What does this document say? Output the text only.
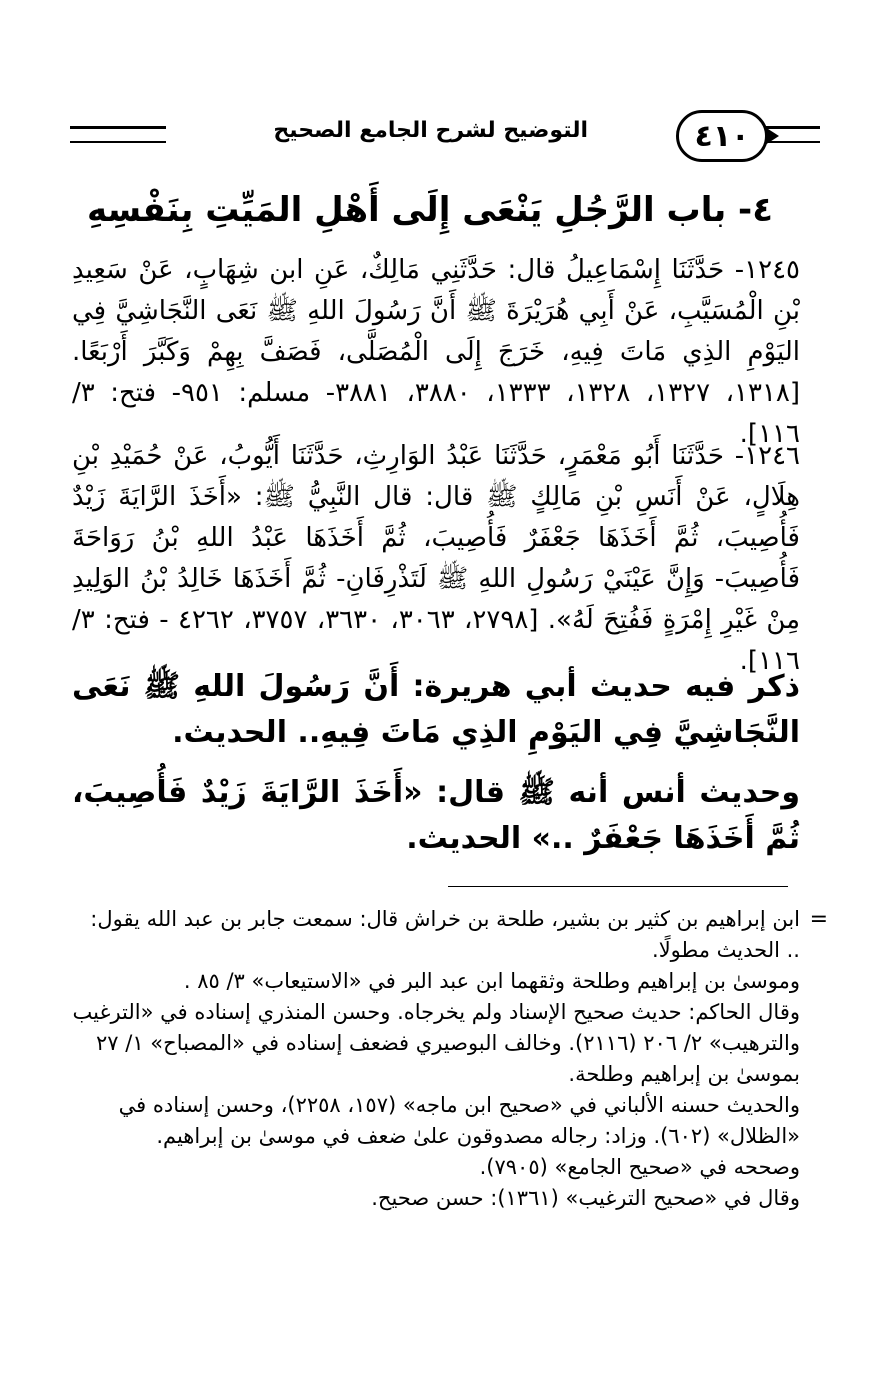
٤١٠
التوضيح لشرح الجامع الصحيح
٤- باب الرَّجُلِ يَنْعَى إِلَى أَهْلِ المَيِّتِ بِنَفْسِهِ
١٢٤٥- حَدَّثَنَا إِسْمَاعِيلُ قال: حَدَّثَنِي مَالِكٌ، عَنِ ابن شِهَابٍ، عَنْ سَعِيدِ بْنِ الْمُسَيَّبِ، عَنْ أَبِي هُرَيْرَةَ ﷺ أَنَّ رَسُولَ اللهِ ﷺ نَعَى النَّجَاشِيَّ فِي اليَوْمِ الذِي مَاتَ فِيهِ، خَرَجَ إِلَى الْمُصَلَّى، فَصَفَّ بِهِمْ وَكَبَّرَ أَرْبَعًا. [١٣١٨، ١٣٢٧، ١٣٢٨، ١٣٣٣، ٣٨٨٠، ٣٨٨١- مسلم: ٩٥١- فتح: ٣/ ١١٦].
١٢٤٦- حَدَّثَنَا أَبُو مَعْمَرٍ، حَدَّثَنَا عَبْدُ الوَارِثِ، حَدَّثَنَا أَيُّوبُ، عَنْ حُمَيْدِ بْنِ هِلَالٍ، عَنْ أَنَسِ بْنِ مَالِكٍ ﷺ قال: قال النَّبِيُّ ﷺ: «أَخَذَ الرَّايَةَ زَيْدٌ فَأُصِيبَ، ثُمَّ أَخَذَهَا جَعْفَرٌ فَأُصِيبَ، ثُمَّ أَخَذَهَا عَبْدُ اللهِ بْنُ رَوَاحَةَ فَأُصِيبَ- وَإِنَّ عَيْنَيْ رَسُولِ اللهِ ﷺ لَتَذْرِفَانِ- ثُمَّ أَخَذَهَا خَالِدُ بْنُ الوَلِيدِ مِنْ غَيْرِ إِمْرَةٍ فَفُتِحَ لَهُ». [٢٧٩٨، ٣٠٦٣، ٣٦٣٠، ٣٧٥٧، ٤٢٦٢ - فتح: ٣/ ١١٦].
ذكر فيه حديث أبي هريرة: أَنَّ رَسُولَ اللهِ ﷺ نَعَى النَّجَاشِيَّ فِي اليَوْمِ الذِي مَاتَ فِيهِ.. الحديث.
وحديث أنس أنه ﷺ قال: «أَخَذَ الرَّايَةَ زَيْدٌ فَأُصِيبَ، ثُمَّ أَخَذَهَا جَعْفَرٌ ..» الحديث.
=
ابن إبراهيم بن كثير بن بشير، طلحة بن خراش قال: سمعت جابر بن عبد الله يقول: .. الحديث مطولًا.
وموسىٰ بن إبراهيم وطلحة وثقهما ابن عبد البر في «الاستيعاب» ٣/ ٨٥ .
وقال الحاكم: حديث صحيح الإسناد ولم يخرجاه. وحسن المنذري إسناده في «الترغيب والترهيب» ٢/ ٢٠٦ (٢١١٦). وخالف البوصيري فضعف إسناده في «المصباح» ١/ ٢٧ بموسىٰ بن إبراهيم وطلحة.
والحديث حسنه الألباني في «صحيح ابن ماجه» (١٥٧، ٢٢٥٨)، وحسن إسناده في «الظلال» (٦٠٢). وزاد: رجاله مصدوقون علىٰ ضعف في موسىٰ بن إبراهيم.
وصححه في «صحيح الجامع» (٧٩٠٥).
وقال في «صحيح الترغيب» (١٣٦١): حسن صحيح.
